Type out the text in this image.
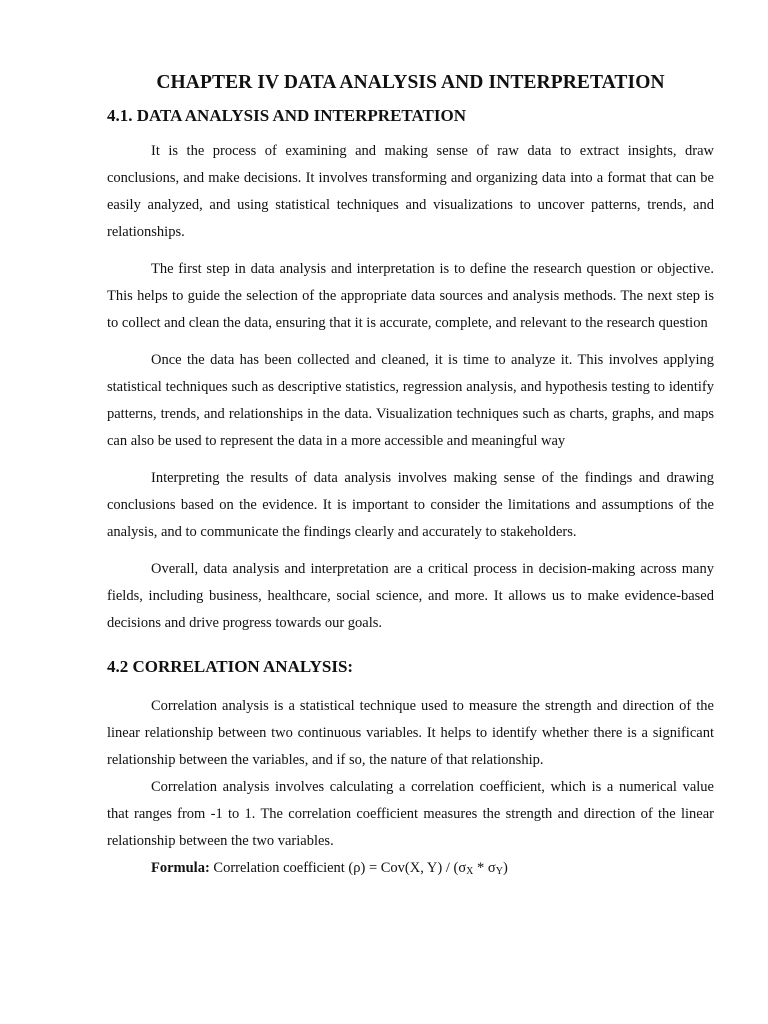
CHAPTER IV DATA ANALYSIS AND INTERPRETATION
4.1. DATA ANALYSIS AND INTERPRETATION

It is the process of examining and making sense of raw data to extract insights, draw conclusions, and make decisions. It involves transforming and organizing data into a format that can be easily analyzed, and using statistical techniques and visualizations to uncover patterns, trends, and relationships.

The first step in data analysis and interpretation is to define the research question or objective. This helps to guide the selection of the appropriate data sources and analysis methods. The next step is to collect and clean the data, ensuring that it is accurate, complete, and relevant to the research question

Once the data has been collected and cleaned, it is time to analyze it. This involves applying statistical techniques such as descriptive statistics, regression analysis, and hypothesis testing to identify patterns, trends, and relationships in the data. Visualization techniques such as charts, graphs, and maps can also be used to represent the data in a more accessible and meaningful way

Interpreting the results of data analysis involves making sense of the findings and drawing conclusions based on the evidence. It is important to consider the limitations and assumptions of the analysis, and to communicate the findings clearly and accurately to stakeholders.

Overall, data analysis and interpretation are a critical process in decision-making across many fields, including business, healthcare, social science, and more. It allows us to make evidence-based decisions and drive progress towards our goals.

4.2 CORRELATION ANALYSIS:

Correlation analysis is a statistical technique used to measure the strength and direction of the linear relationship between two continuous variables. It helps to identify whether there is a significant relationship between the variables, and if so, the nature of that relationship.

Correlation analysis involves calculating a correlation coefficient, which is a numerical value that ranges from -1 to 1. The correlation coefficient measures the strength and direction of the linear relationship between the two variables.

Formula: Correlation coefficient (ρ) = Cov(X, $Y) / (\sigma_X * \sigma_Y)$
